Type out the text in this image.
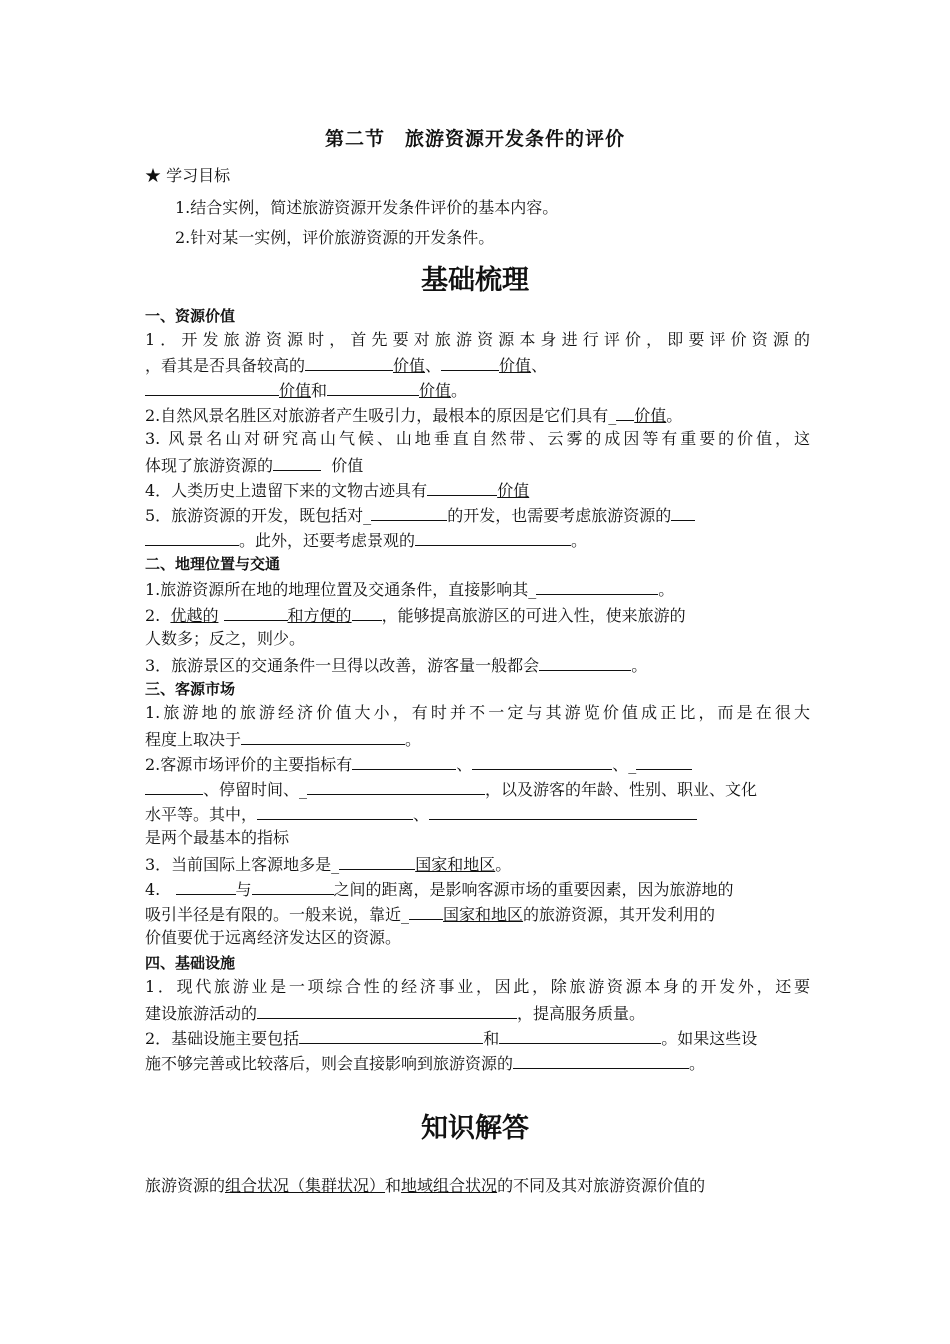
第二节　旅游资源开发条件的评价
★ 学习目标
1.结合实例，简述旅游资源开发条件评价的基本内容。
2.针对某一实例，评价旅游资源的开发条件。
基础梳理
一、资源价值
1．开发旅游资源时，首先要对旅游资源本身进行评价，即要评价资源的
，看其是否具备较高的	价值、	价值、
价值和	价值。
2.自然风景名胜区对旅游者产生吸引力，最根本的原因是它们具有_ 价值。
3. 风景名山对研究高山气候、山地垂直自然带、云雾的成因等有重要的价值，这
体现了旅游资源的	价值
4．人类历史上遗留下来的文物古迹具有	价值
5．旅游资源的开发，既包括对_	的开发，也需要考虑旅游资源的
。此外，还要考虑景观的	。
二、地理位置与交通
1.旅游资源所在地的地理位置及交通条件，直接影响其_	。
2. 优越的	和方便的 ，能够提高旅游区的可进入性，使来旅游的
人数多；反之，则少。
3．旅游景区的交通条件一旦得以改善，游客量一般都会	。
三、客源市场
1.旅游地的旅游经济价值大小，有时并不一定与其游览价值成正比，而是在很大
程度上取决于	。
2.客源市场评价的主要指标有	、	、_
、停留时间、_	，以及游客的年龄、性别、职业、文化
水平等。其中，	、
是两个最基本的指标
3．当前国际上客源地多是_	国家和地区。
4.	与	之间的距离，是影响客源市场的重要因素，因为旅游地的
吸引半径是有限的。一般来说，靠近_ 国家和地区的旅游资源，其开发利用的
价值要优于远离经济发达区的资源。
四、基础设施
1．现代旅游业是一项综合性的经济事业，因此，除旅游资源本身的开发外，还要
建设旅游活动的	，提高服务质量。
2．基础设施主要包括	和	。如果这些设
施不够完善或比较落后，则会直接影响到旅游资源的	。
知识解答
旅游资源的组合状况（集群状况）和地域组合状况的不同及其对旅游资源价值的
